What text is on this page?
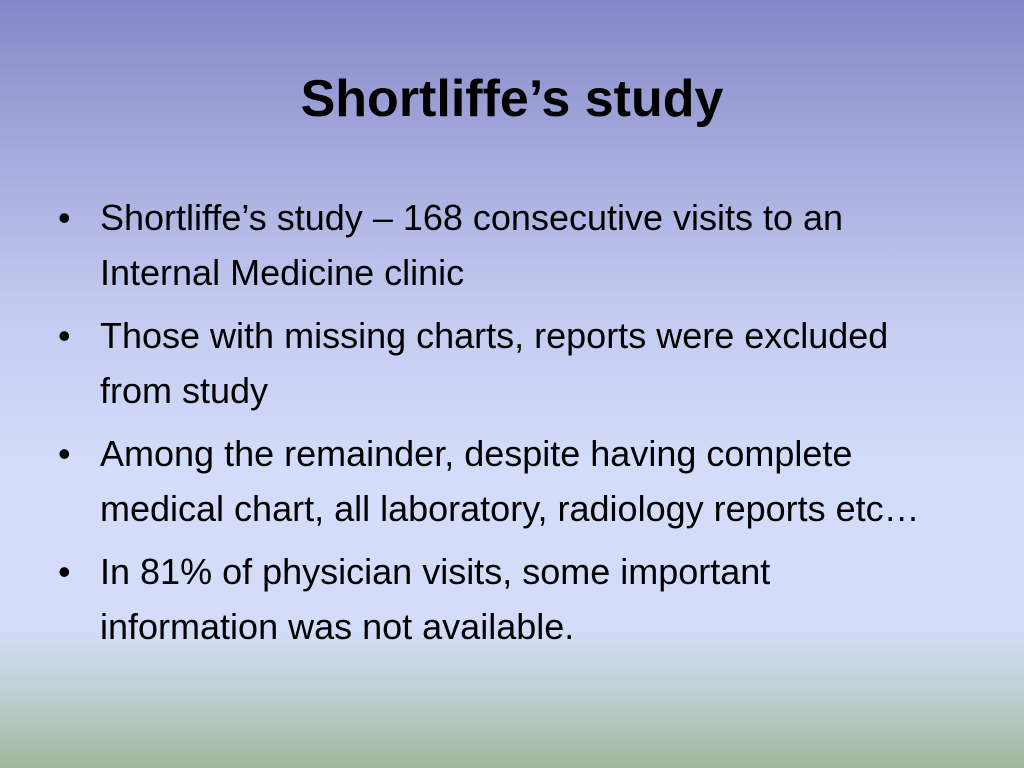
Shortliffe’s study
• Shortliffe’s study – 168 consecutive visits to an Internal Medicine clinic
• Those with missing charts, reports were excluded from study
• Among the remainder, despite having complete medical chart, all laboratory, radiology reports etc…
• In 81% of physician visits, some important information was not available.
